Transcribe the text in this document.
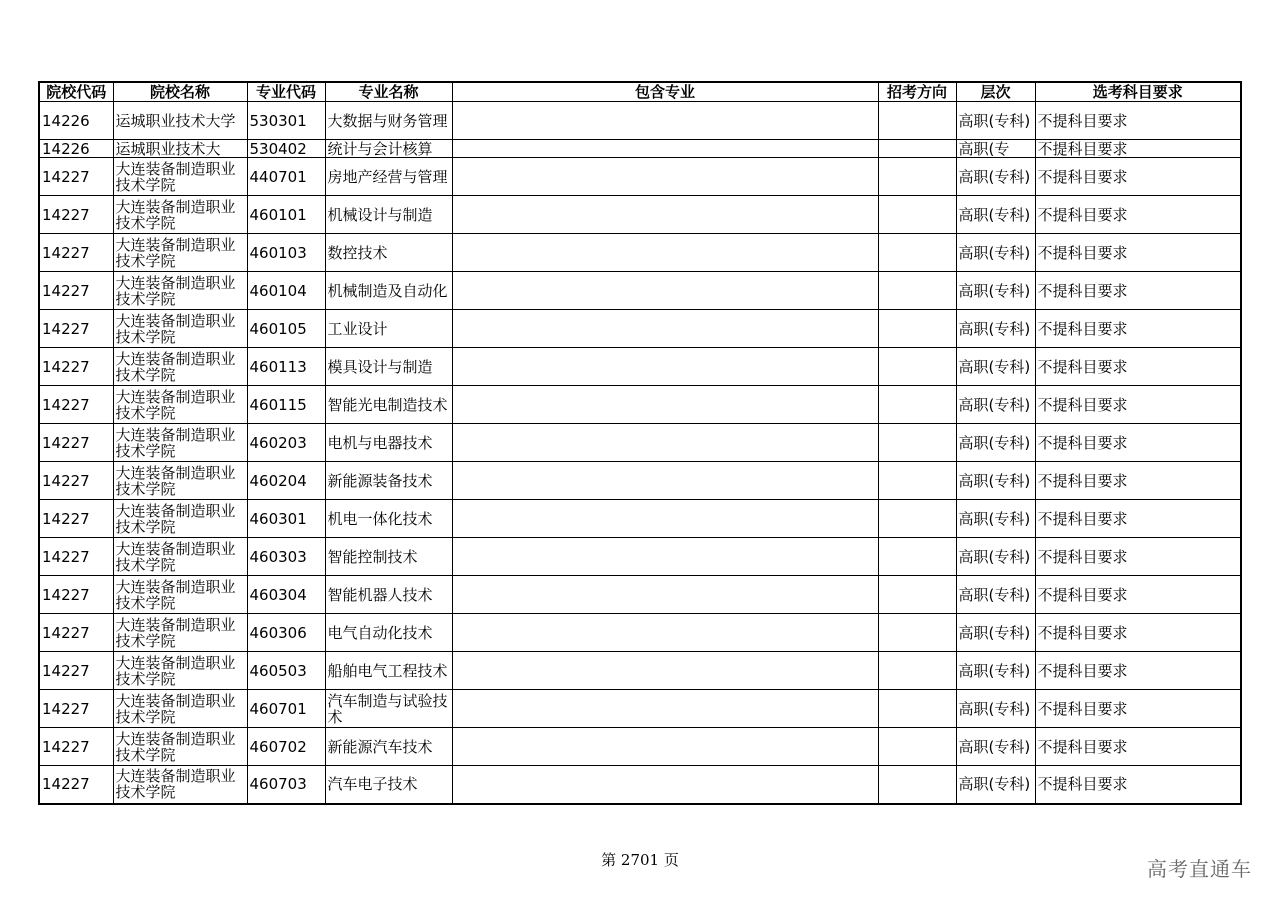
院校代码	院校名称	专业代码	专业名称	包含专业	招考方向	层次	选考科目要求
14226	运城职业技术大学	530301	大数据与财务管理			高职(专科)	不提科目要求
14226	运城职业技术大	530402	统计与会计核算			高职(专	不提科目要求
14227	大连装备制造职业技术学院	440701	房地产经营与管理			高职(专科)	不提科目要求
14227	大连装备制造职业技术学院	460101	机械设计与制造			高职(专科)	不提科目要求
14227	大连装备制造职业技术学院	460103	数控技术			高职(专科)	不提科目要求
14227	大连装备制造职业技术学院	460104	机械制造及自动化			高职(专科)	不提科目要求
14227	大连装备制造职业技术学院	460105	工业设计			高职(专科)	不提科目要求
14227	大连装备制造职业技术学院	460113	模具设计与制造			高职(专科)	不提科目要求
14227	大连装备制造职业技术学院	460115	智能光电制造技术			高职(专科)	不提科目要求
14227	大连装备制造职业技术学院	460203	电机与电器技术			高职(专科)	不提科目要求
14227	大连装备制造职业技术学院	460204	新能源装备技术			高职(专科)	不提科目要求
14227	大连装备制造职业技术学院	460301	机电一体化技术			高职(专科)	不提科目要求
14227	大连装备制造职业技术学院	460303	智能控制技术			高职(专科)	不提科目要求
14227	大连装备制造职业技术学院	460304	智能机器人技术			高职(专科)	不提科目要求
14227	大连装备制造职业技术学院	460306	电气自动化技术			高职(专科)	不提科目要求
14227	大连装备制造职业技术学院	460503	船舶电气工程技术			高职(专科)	不提科目要求
14227	大连装备制造职业技术学院	460701	汽车制造与试验技术			高职(专科)	不提科目要求
14227	大连装备制造职业技术学院	460702	新能源汽车技术			高职(专科)	不提科目要求
14227	大连装备制造职业技术学院	460703	汽车电子技术			高职(专科)	不提科目要求
第 2701 页	高考直通车
